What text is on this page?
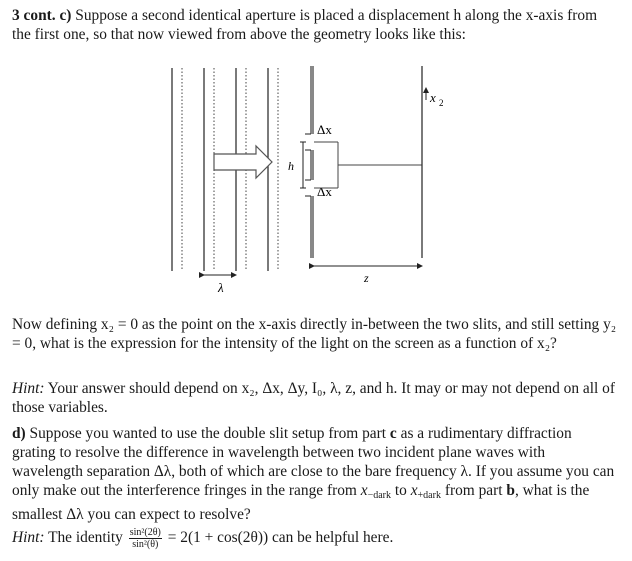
3 cont. c) Suppose a second identical aperture is placed a displacement h along the x-axis from the first one, so that now viewed from above the geometry looks like this:

λ
Δx
Δx
h
x 2
z

Now defining x₂ = 0 as the point on the x-axis directly in-between the two slits, and still setting y₂ = 0, what is the expression for the intensity of the light on the screen as a function of x₂?

Hint: Your answer should depend on x₂, Δx, Δy, I₀, λ, z, and h. It may or may not depend on all of those variables.

d) Suppose you wanted to use the double slit setup from part c as a rudimentary diffraction grating to resolve the difference in wavelength between two incident plane waves with wavelength separation Δλ, both of which are close to the bare frequency λ. If you assume you can only make out the interference fringes in the range from $x_{-dark}$ to $x_{+dark}$ from part b, what is the smallest Δλ you can expect to resolve?

Hint: The identity $\frac{\text{sin²(2θ)}}{\text{sin²(θ)}} = 2(1 + \cos(2\theta))$ can be helpful here.
